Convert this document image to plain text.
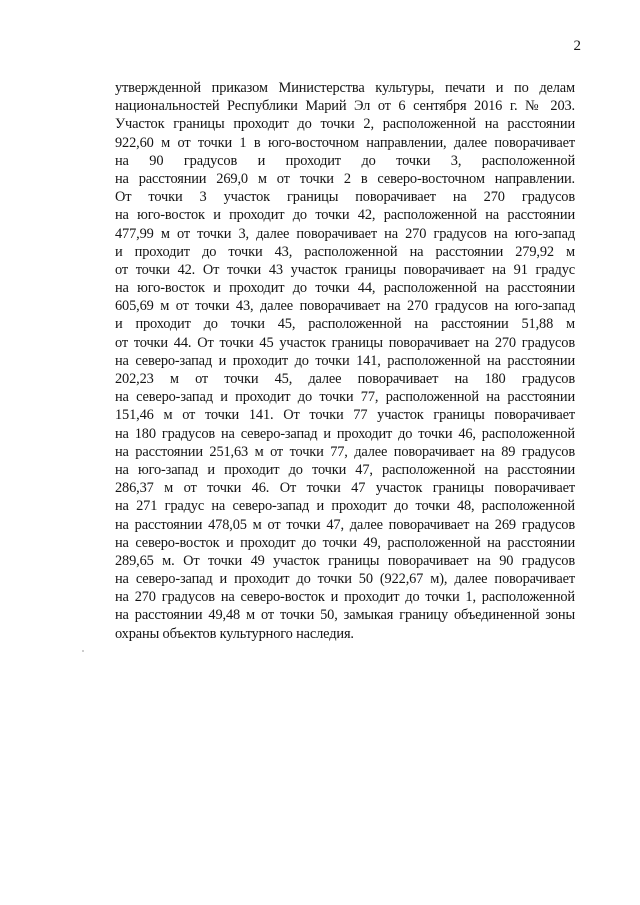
2
утвержденной приказом Министерства культуры, печати и по делам
национальностей Республики Марий Эл от 6 сентября 2016 г. № 203.
Участок границы проходит до точки 2, расположенной на расстоянии
922,60 м от точки 1 в юго-восточном направлении, далее поворачивает
на 90 градусов и проходит до точки 3, расположенной
на расстоянии 269,0 м от точки 2 в северо-восточном направлении.
От точки 3 участок границы поворачивает на 270 градусов
на юго-восток и проходит до точки 42, расположенной на расстоянии
477,99 м от точки 3, далее поворачивает на 270 градусов на юго-запад
и проходит до точки 43, расположенной на расстоянии 279,92 м
от точки 42. От точки 43 участок границы поворачивает на 91 градус
на юго-восток и проходит до точки 44, расположенной на расстоянии
605,69 м от точки 43, далее поворачивает на 270 градусов на юго-запад
и проходит до точки 45, расположенной на расстоянии 51,88 м
от точки 44. От точки 45 участок границы поворачивает на 270 градусов
на северо-запад и проходит до точки 141, расположенной на расстоянии
202,23 м от точки 45, далее поворачивает на 180 градусов
на северо-запад и проходит до точки 77, расположенной на расстоянии
151,46 м от точки 141. От точки 77 участок границы поворачивает
на 180 градусов на северо-запад и проходит до точки 46, расположенной
на расстоянии 251,63 м от точки 77, далее поворачивает на 89 градусов
на юго-запад и проходит до точки 47, расположенной на расстоянии
286,37 м от точки 46. От точки 47 участок границы поворачивает
на 271 градус на северо-запад и проходит до точки 48, расположенной
на расстоянии 478,05 м от точки 47, далее поворачивает на 269 градусов
на северо-восток и проходит до точки 49, расположенной на расстоянии
289,65 м. От точки 49 участок границы поворачивает на 90 градусов
на северо-запад и проходит до точки 50 (922,67 м), далее поворачивает
на 270 градусов на северо-восток и проходит до точки 1, расположенной
на расстоянии 49,48 м от точки 50, замыкая границу объединенной зоны
охраны объектов культурного наследия.
